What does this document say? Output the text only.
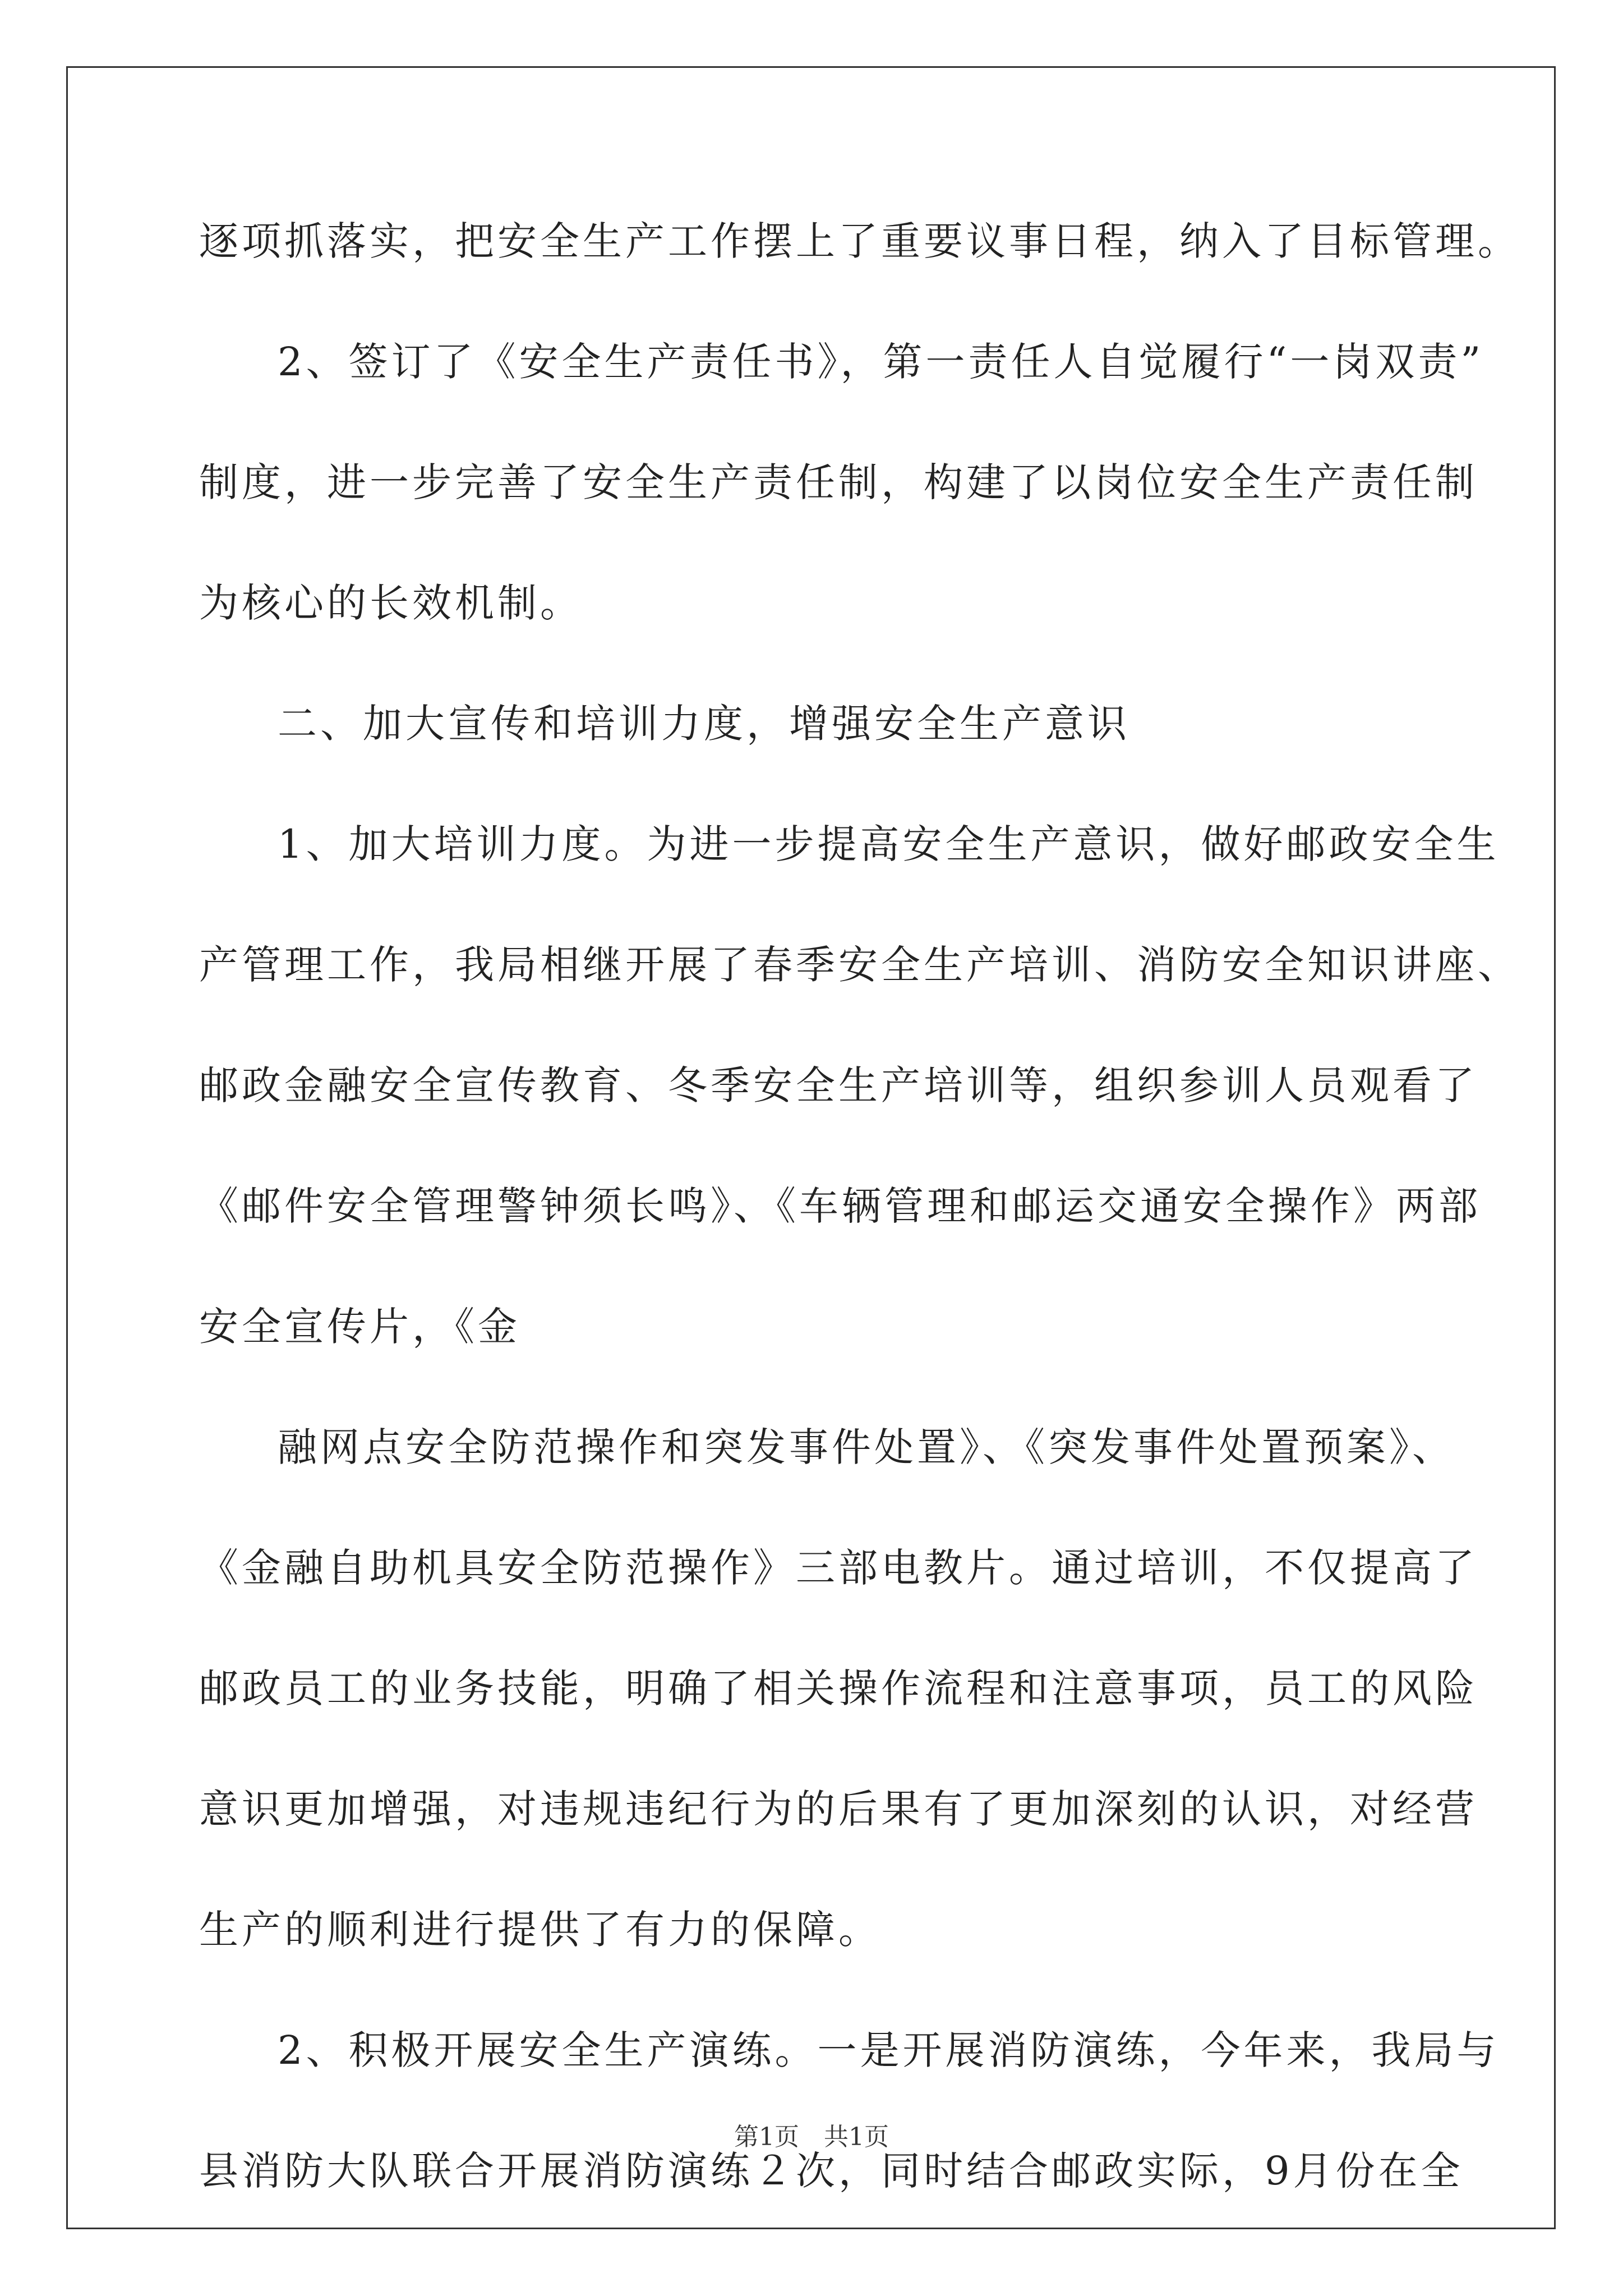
逐项抓落实，把安全生产工作摆上了重要议事日程，纳入了目标管理。
2、签订了《安全生产责任书》，第一责任人自觉履行“一岗双责”
制度，进一步完善了安全生产责任制，构建了以岗位安全生产责任制
为核心的长效机制。
二、加大宣传和培训力度，增强安全生产意识
1、加大培训力度。为进一步提高安全生产意识，做好邮政安全生
产管理工作，我局相继开展了春季安全生产培训、消防安全知识讲座、
邮政金融安全宣传教育、冬季安全生产培训等，组织参训人员观看了
《邮件安全管理警钟须长鸣》、《车辆管理和邮运交通安全操作》两部
安全宣传片，《金
融网点安全防范操作和突发事件处置》、《突发事件处置预案》、
《金融自助机具安全防范操作》三部电教片。通过培训，不仅提高了
邮政员工的业务技能，明确了相关操作流程和注意事项，员工的风险
意识更加增强，对违规违纪行为的后果有了更加深刻的认识，对经营
生产的顺利进行提供了有力的保障。
2、积极开展安全生产演练。一是开展消防演练，今年来，我局与
县消防大队联合开展消防演练２次，同时结合邮政实际，9月份在全
第1页　共1页
